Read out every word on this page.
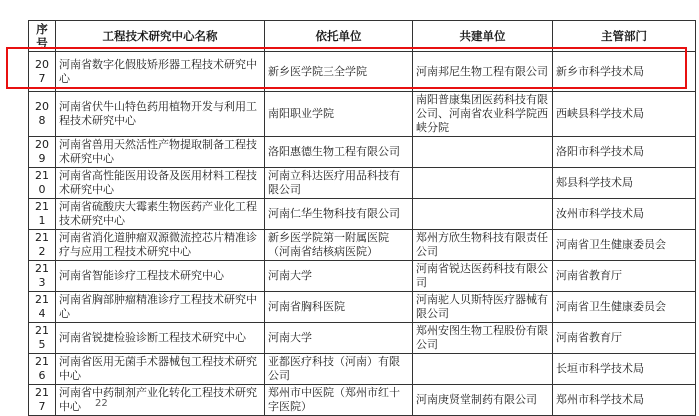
序号	工程技术研究中心名称	依托单位	共建单位	主管部门
207	河南省数字化假肢矫形器工程技术研究中心	新乡医学院三全学院	河南邦尼生物工程有限公司	新乡市科学技术局
208	河南省伏牛山特色药用植物开发与利用工程技术研究中心	南阳职业学院	南阳普康集团医药科技有限公司、河南省农业科学院西峡分院	西峡县科学技术局
209	河南省兽用天然活性产物提取制备工程技术研究中心	洛阳惠德生物工程有限公司		洛阳市科学技术局
210	河南省高性能医用设备及医用材料工程技术研究中心	河南立科达医疗用品科技有限公司		郏县科学技术局
211	河南省硫酸庆大霉素生物医药产业化工程技术研究中心	河南仁华生物科技有限公司		汝州市科学技术局
212	河南省消化道肿瘤双源微流控芯片精准诊疗与应用工程技术研究中心	新乡医学院第一附属医院（河南省结核病医院）	郑州方欣生物科技有限责任公司	河南省卫生健康委员会
213	河南省智能诊疗工程技术研究中心	河南大学	河南省锐达医药科技有限公司	河南省教育厅
214	河南省胸部肿瘤精准诊疗工程技术研究中心	河南省胸科医院	河南驼人贝斯特医疗器械有限公司	河南省卫生健康委员会
215	河南省锐捷检验诊断工程技术研究中心	河南大学	郑州安图生物工程股份有限公司	河南省教育厅
216	河南省医用无菌手术器械包工程技术研究中心	亚都医疗科技（河南）有限公司		长垣市科学技术局
217	河南省中药制剂产业化转化工程技术研究中心	郑州市中医院（郑州市红十字医院）	河南庚贤堂制药有限公司	郑州市科学技术局
22
